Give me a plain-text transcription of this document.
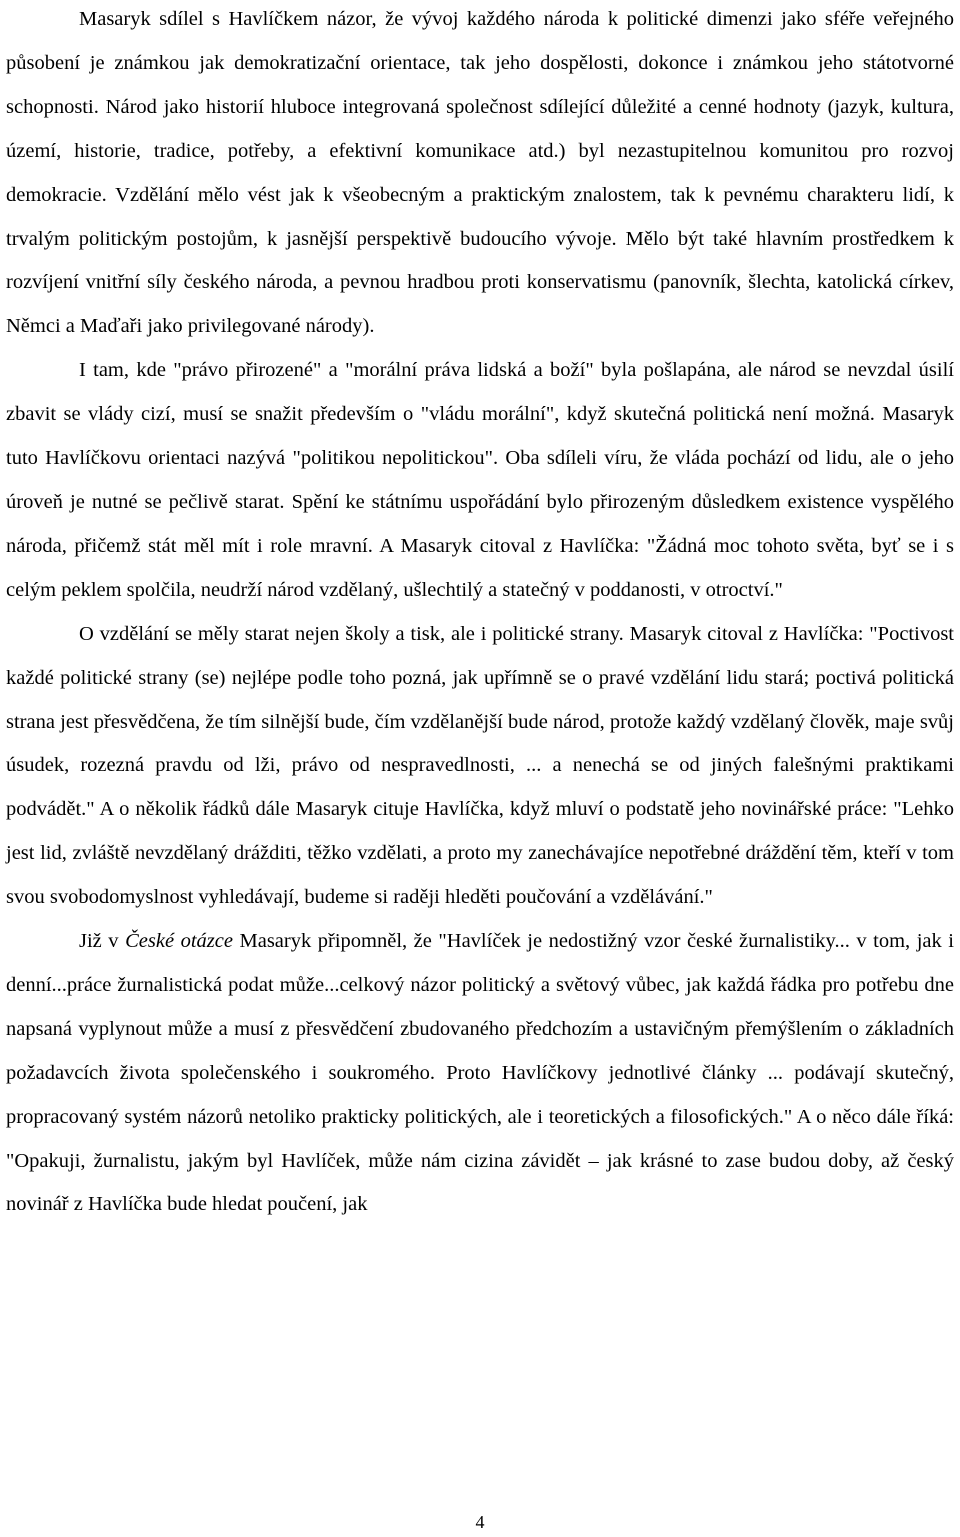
Masaryk sdílel s Havlíčkem názor, že vývoj každého národa k politické dimenzi jako sféře veřejného působení je známkou jak demokratizační orientace, tak jeho dospělosti, dokonce i známkou jeho státotvorné schopnosti. Národ jako historií hluboce integrovaná společnost sdílející důležité a cenné hodnoty (jazyk, kultura, území, historie, tradice, potřeby, a efektivní komunikace atd.) byl nezastupitelnou komunitou pro rozvoj demokracie. Vzdělání mělo vést jak k všeobecným a praktickým znalostem, tak k pevnému charakteru lidí, k trvalým politickým postojům, k jasnější perspektivě budoucího vývoje. Mělo být také hlavním prostředkem k rozvíjení vnitřní síly českého národa, a pevnou hradbou proti konservatismu (panovník, šlechta, katolická církev, Němci a Maďaři jako privilegované národy).

I tam, kde "právo přirozené" a "morální práva lidská a boží" byla pošlapána, ale národ se nevzdal úsilí zbavit se vlády cizí, musí se snažit především o "vládu morální", když skutečná politická není možná. Masaryk tuto Havlíčkovu orientaci nazývá "politikou nepolitickou". Oba sdíleli víru, že vláda pochází od lidu, ale o jeho úroveň je nutné se pečlivě starat. Spění ke státnímu uspořádání bylo přirozeným důsledkem existence vyspělého národa, přičemž stát měl mít i role mravní. A Masaryk citoval z Havlíčka: "Žádná moc tohoto světa, byť se i s celým peklem spolčila, neudrží národ vzdělaný, ušlechtilý a statečný v poddanosti, v otroctví."

O vzdělání se měly starat nejen školy a tisk, ale i politické strany. Masaryk citoval z Havlíčka: "Poctivost každé politické strany (se) nejlépe podle toho pozná, jak upřímně se o pravé vzdělání lidu stará; poctivá politická strana jest přesvědčena, že tím silnější bude, čím vzdělanější bude národ, protože každý vzdělaný člověk, maje svůj úsudek, rozezná pravdu od lži, právo od nespravedlnosti, ... a nenechá se od jiných falešnými praktikami podvádět." A o několik řádků dále Masaryk cituje Havlíčka, když mluví o podstatě jeho novinářské práce: "Lehko jest lid, zvláště nevzdělaný drážditi, těžko vzdělati, a proto my zanechávajíce nepotřebné dráždění těm, kteří v tom svou svobodomyslnost vyhledávají, budeme si raději hleděti poučování a vzdělávání."

Již v České otázce Masaryk připomněl, že "Havlíček je nedostižný vzor české žurnalistiky... v tom, jak i denní...práce žurnalistická podat může...celkový názor politický a světový vůbec, jak každá řádka pro potřebu dne napsaná vyplynout může a musí z přesvědčení zbudovaného předchozím a ustavičným přemýšlením o základních požadavcích života společenského i soukromého. Proto Havlíčkovy jednotlivé články ... podávají skutečný, propracovaný systém názorů netoliko prakticky politických, ale i teoretických a filosofických." A o něco dále říká: "Opakuji, žurnalistu, jakým byl Havlíček, může nám cizina závidět – jak krásné to zase budou doby, až český novinář z Havlíčka bude hledat poučení, jak

4
